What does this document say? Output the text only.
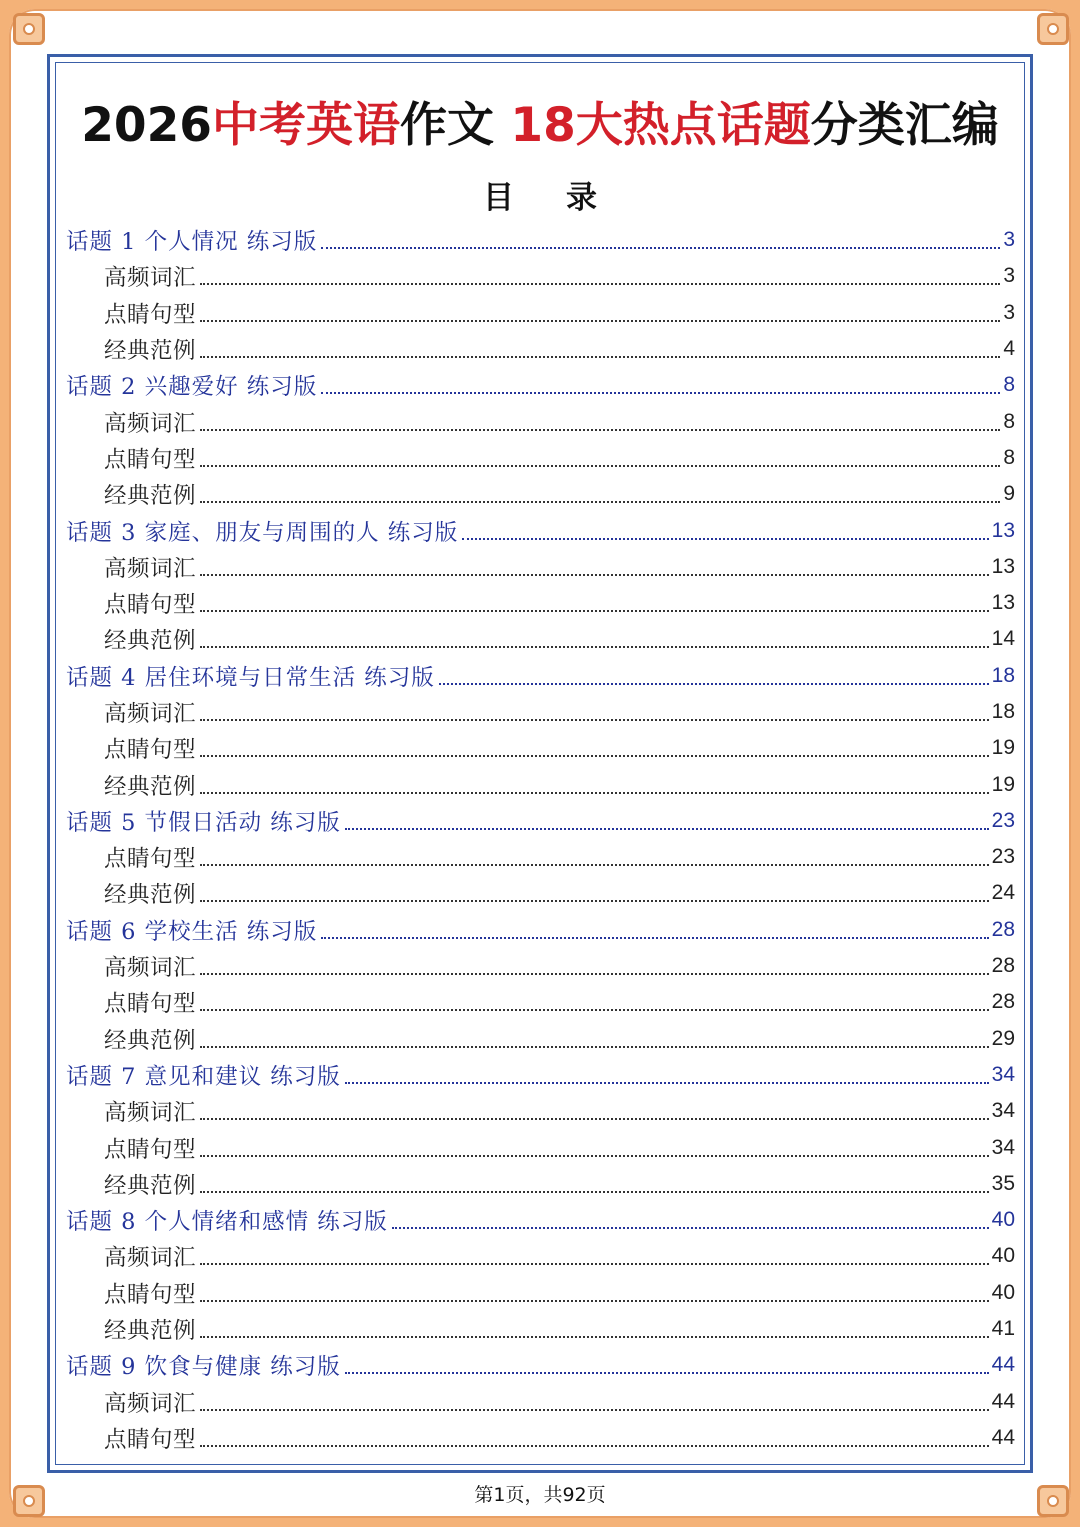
2026中考英语作文 18大热点话题分类汇编
目 录
话题 1 个人情况 练习版	3
高频词汇	3
点睛句型	3
经典范例	4
话题 2 兴趣爱好 练习版	8
高频词汇	8
点睛句型	8
经典范例	9
话题 3 家庭、朋友与周围的人 练习版	13
高频词汇	13
点睛句型	13
经典范例	14
话题 4 居住环境与日常生活 练习版	18
高频词汇	18
点睛句型	19
经典范例	19
话题 5 节假日活动 练习版	23
点睛句型	23
经典范例	24
话题 6 学校生活 练习版	28
高频词汇	28
点睛句型	28
经典范例	29
话题 7 意见和建议 练习版	34
高频词汇	34
点睛句型	34
经典范例	35
话题 8 个人情绪和感情 练习版	40
高频词汇	40
点睛句型	40
经典范例	41
话题 9 饮食与健康 练习版	44
高频词汇	44
点睛句型	44
第1页，共92页
